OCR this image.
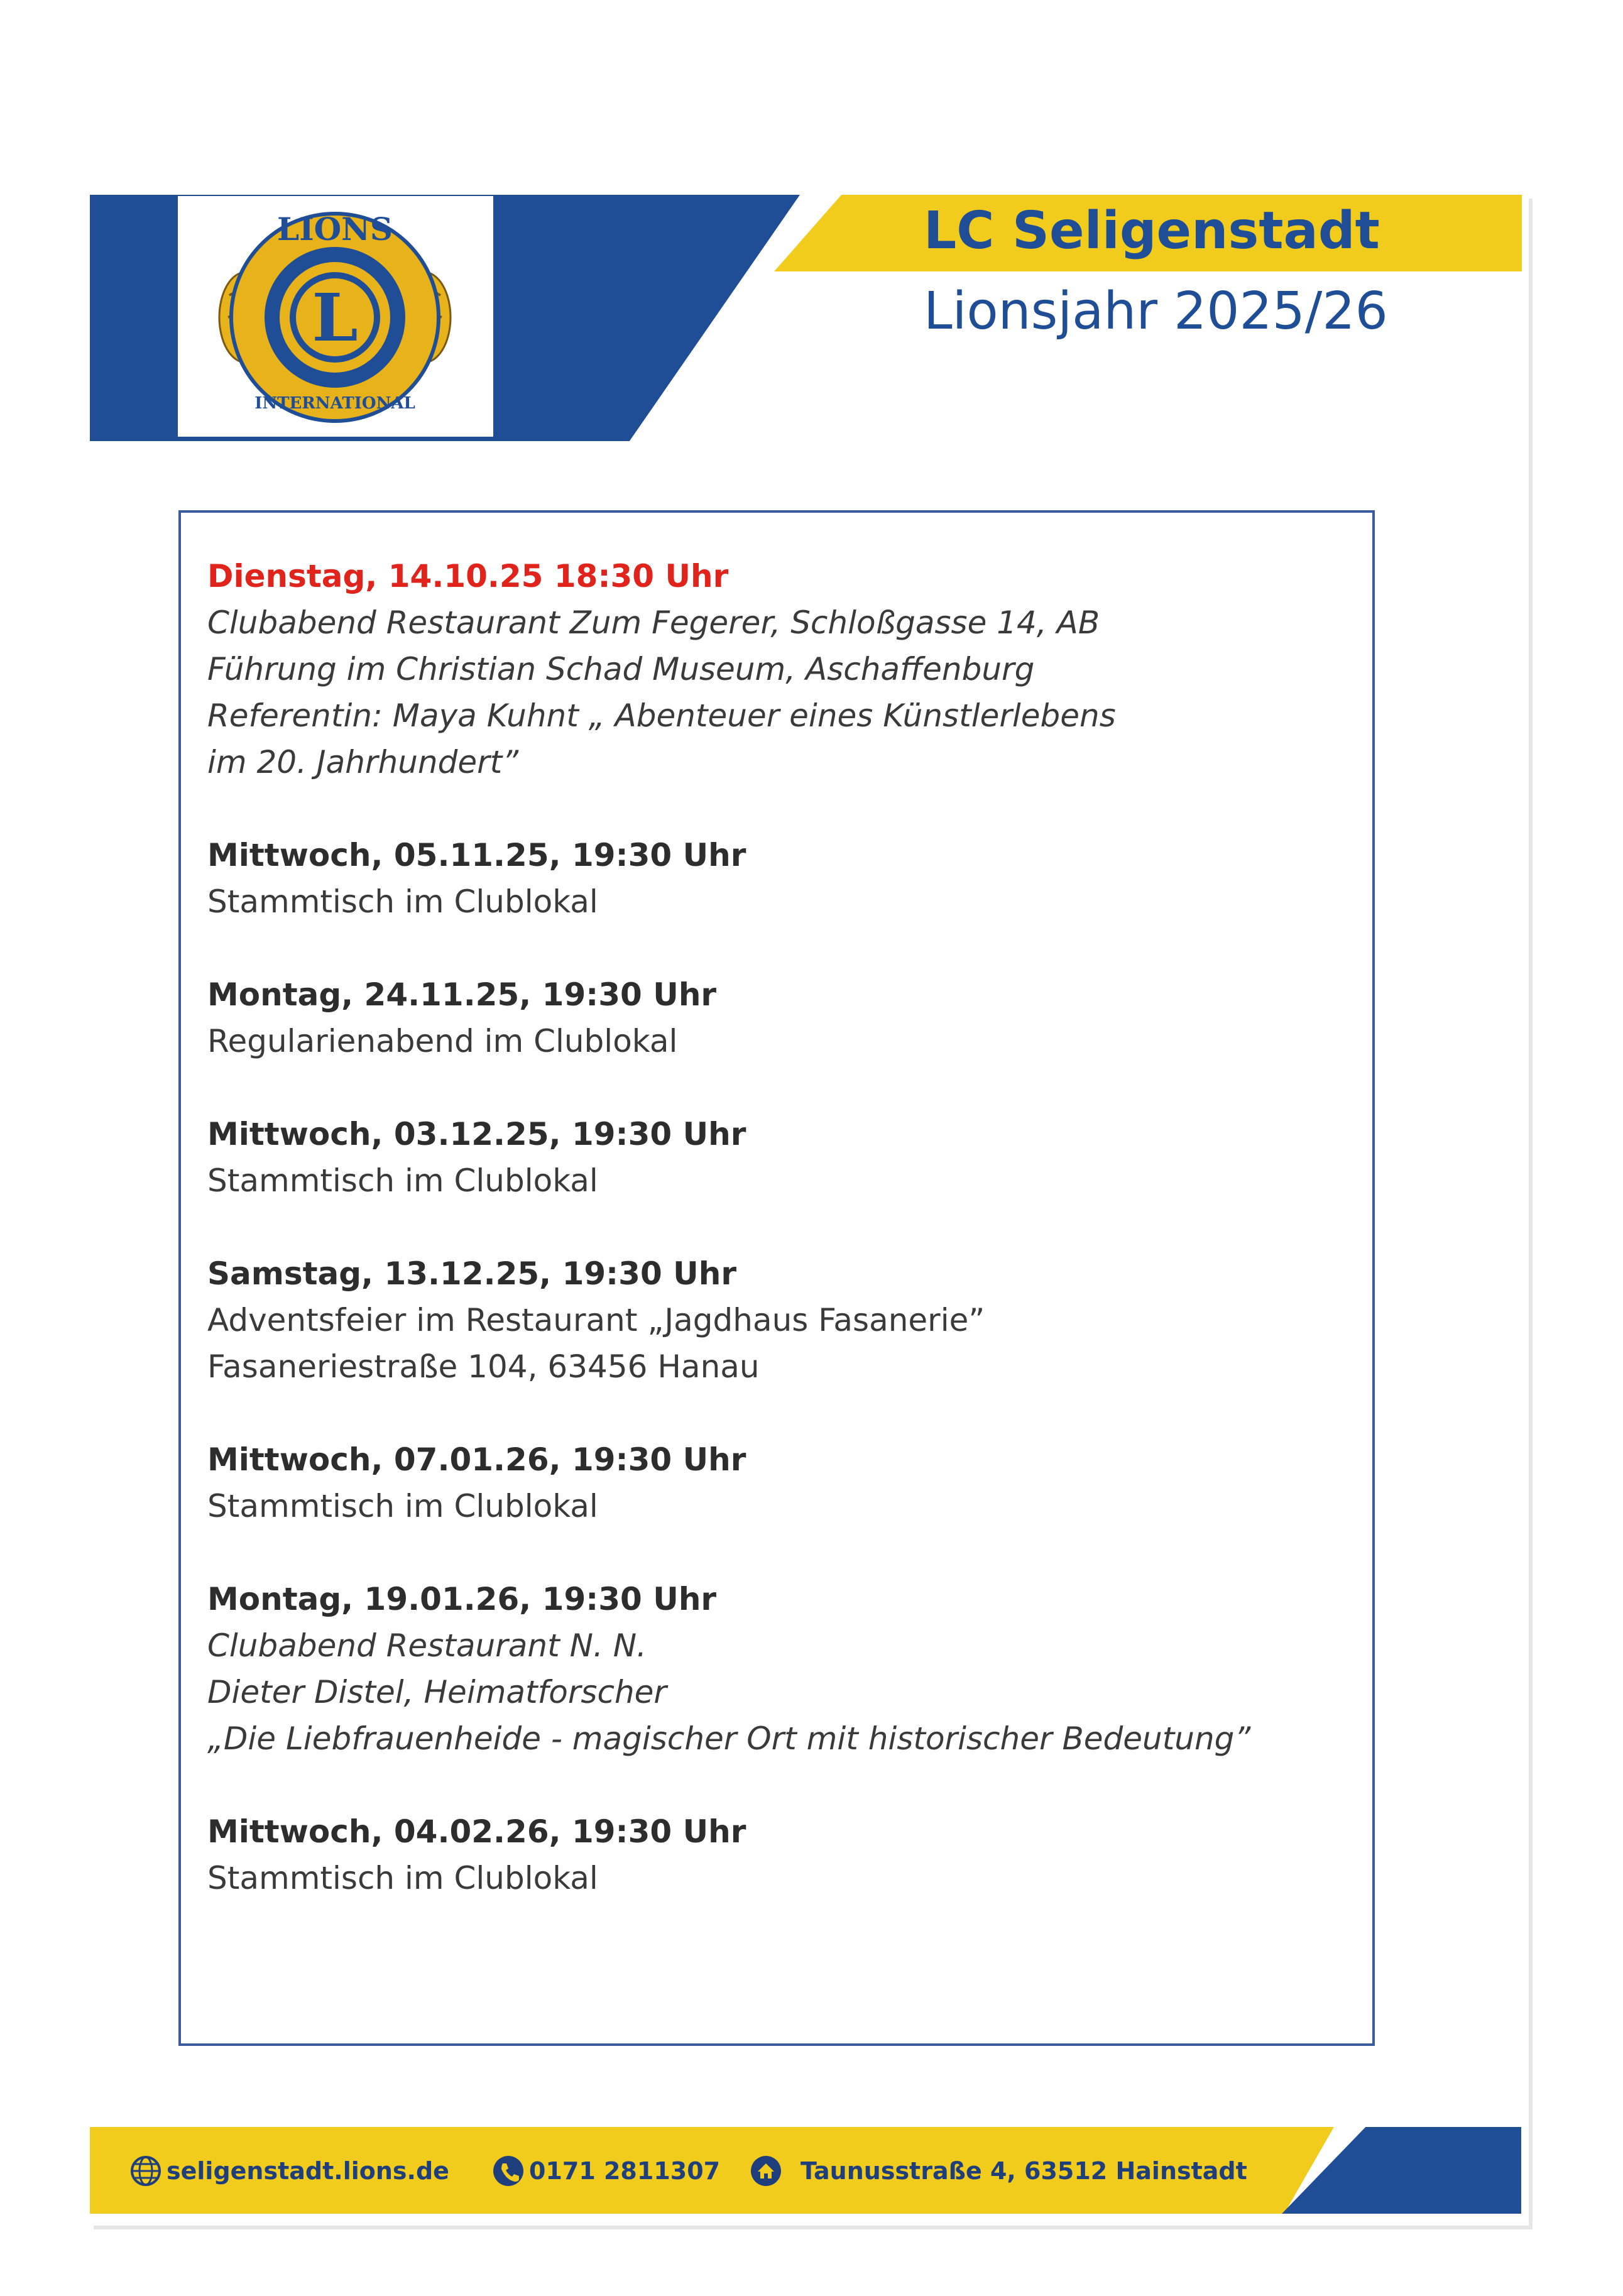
LIONS
L
INTERNATIONAL
LC Seligenstadt
Lionsjahr 2025/26
Dienstag, 14.10.25 18:30 Uhr
Clubabend Restaurant Zum Fegerer, Schloßgasse 14, AB
Führung im Christian Schad Museum, Aschaffenburg
Referentin: Maya Kuhnt „ Abenteuer eines Künstlerlebens
im 20. Jahrhundert”
Mittwoch, 05.11.25, 19:30 Uhr
Stammtisch im Clublokal
Montag, 24.11.25, 19:30 Uhr
Regularienabend im Clublokal
Mittwoch, 03.12.25, 19:30 Uhr
Stammtisch im Clublokal
Samstag, 13.12.25, 19:30 Uhr
Adventsfeier im Restaurant „Jagdhaus Fasanerie”
Fasaneriestraße 104, 63456 Hanau
Mittwoch, 07.01.26, 19:30 Uhr
Stammtisch im Clublokal
Montag, 19.01.26, 19:30 Uhr
Clubabend Restaurant N. N.
Dieter Distel, Heimatforscher
„Die Liebfrauenheide - magischer Ort mit historischer Bedeutung”
Mittwoch, 04.02.26, 19:30 Uhr
Stammtisch im Clublokal
seligenstadt.lions.de	0171 2811307	Taunusstraße 4, 63512 Hainstadt
